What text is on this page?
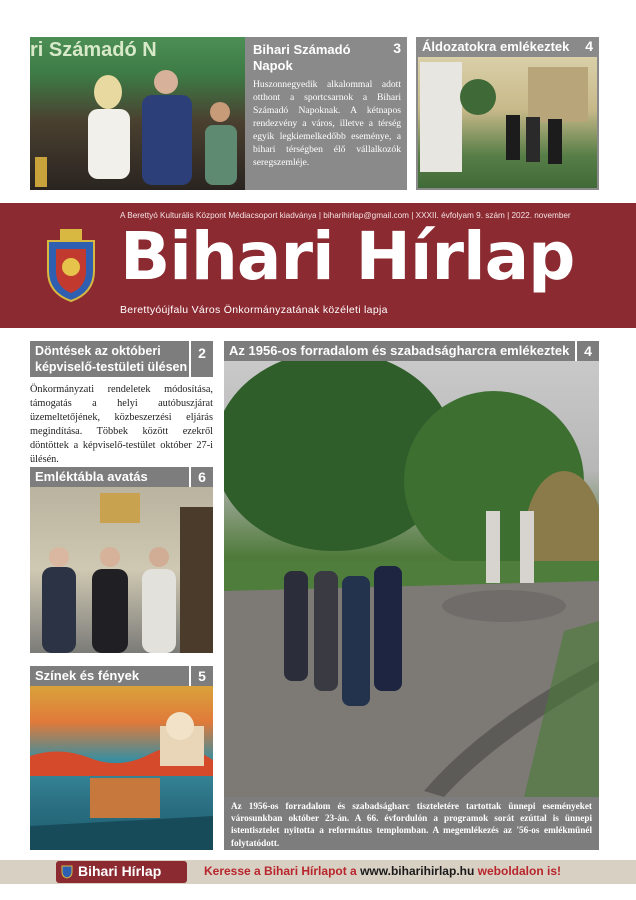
ri Számadó N	Bihari Számadó Napok
3
Huszonnegyedik alkalommal adott otthont a sportcsarnok a Bihari Számadó Napoknak. A kétnapos rendezvény a város, illetve a térség egyik legkiemelkedőbb eseménye, a bihari térségben élő vállalkozók seregszemléje.
Áldozatokra emlékeztek 4
A Berettyó Kulturális Központ Médiacsoport kiadványa | biharihirlap@gmail.com | XXXII. évfolyam 9. szám | 2022. november
Bihari Hírlap
Berettyóújfalu Város Önkormányzatának közéleti lapja
Döntések az októberi
képviselő-testületi ülésen
2
Önkormányzati rendeletek módosítása, támogatás a helyi autóbuszjárat üzemeltetőjének, közbeszerzési eljárás megindítása. Többek között ezekről döntöttek a képviselő-testület október 27-i ülésén.
Emléktábla avatás	6
Színek és fények	5
Az 1956-os forradalom és szabadságharcra emlékeztek	4
Az 1956-os forradalom és szabadságharc tiszteletére tartottak ünnepi eseményeket városunkban október 23-án. A 66. évfordulón a programok sorát ezúttal is ünnepi istentisztelet nyitotta a református templomban. A megemlékezés az '56-os emlékműnél folytatódott.
Bihari Hírlap	Keresse a Bihari Hírlapot a www.biharihirlap.hu weboldalon is!
